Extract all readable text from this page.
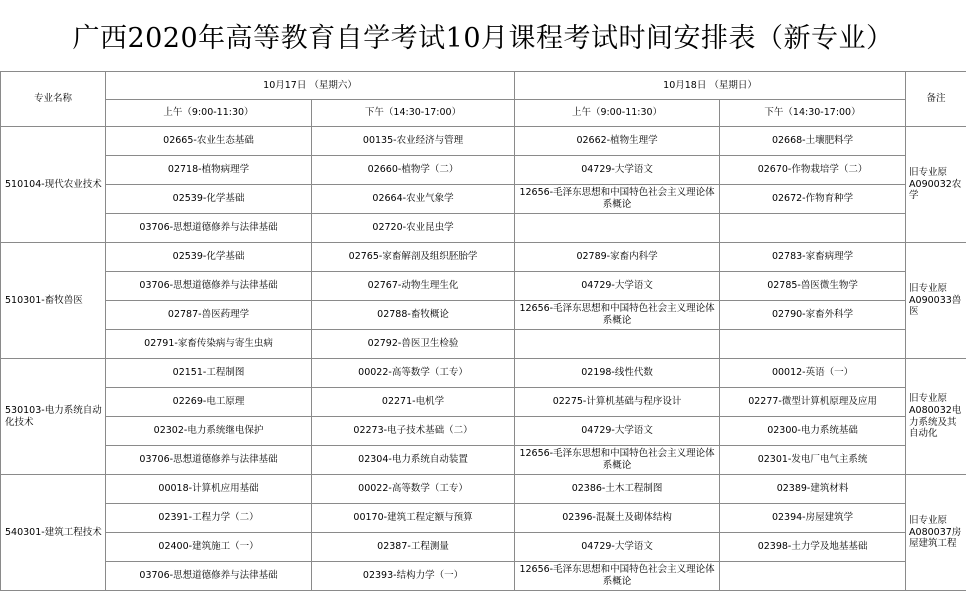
广西2020年高等教育自学考试10月课程考试时间安排表（新专业）
专业名称	10月17日 （星期六）		10月18日 （星期日）		备注
	上午（9:00-11:30）	下午（14:30-17:00）	上午（9:00-11:30）	下午（14:30-17:00）	
510104-现代农业技术	02665-农业生态基础	00135-农业经济与管理	02662-植物生理学	02668-土壤肥料学	旧专业原A090032农学
	02718-植物病理学	02660-植物学（二）	04729-大学语文	02670-作物栽培学（二）	
	02539-化学基础	02664-农业气象学	12656-毛泽东思想和中国特色社会主义理论体系概论	02672-作物育种学	
	03706-思想道德修养与法律基础	02720-农业昆虫学			
510301-畜牧兽医	02539-化学基础	02765-家畜解剖及组织胚胎学	02789-家畜内科学	02783-家畜病理学	旧专业原A090033兽医
	03706-思想道德修养与法律基础	02767-动物生理生化	04729-大学语文	02785-兽医微生物学	
	02787-兽医药理学	02788-畜牧概论	12656-毛泽东思想和中国特色社会主义理论体系概论	02790-家畜外科学	
	02791-家畜传染病与寄生虫病	02792-兽医卫生检验			
530103-电力系统自动化技术	02151-工程制图	00022-高等数学（工专）	02198-线性代数	00012-英语（一）	旧专业原A080032电力系统及其自动化
	02269-电工原理	02271-电机学	02275-计算机基础与程序设计	02277-微型计算机原理及应用	
	02302-电力系统继电保护	02273-电子技术基础（二）	04729-大学语文	02300-电力系统基础	
	03706-思想道德修养与法律基础	02304-电力系统自动装置	12656-毛泽东思想和中国特色社会主义理论体系概论	02301-发电厂电气主系统	
540301-建筑工程技术	00018-计算机应用基础	00022-高等数学（工专）	02386-土木工程制图	02389-建筑材料	旧专业原A080037房屋建筑工程
	02391-工程力学（二）	00170-建筑工程定额与预算	02396-混凝土及砌体结构	02394-房屋建筑学	
	02400-建筑施工（一）	02387-工程测量	04729-大学语文	02398-土力学及地基基础	
	03706-思想道德修养与法律基础	02393-结构力学（一）	12656-毛泽东思想和中国特色社会主义理论体系概论		
